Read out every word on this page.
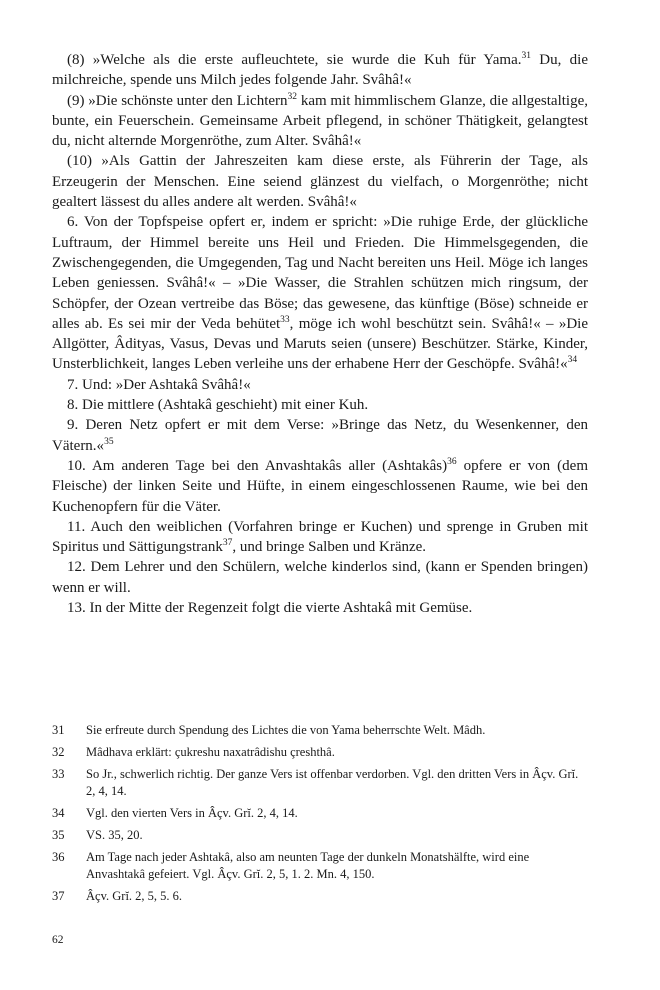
(8) »Welche als die erste aufleuchtete, sie wurde die Kuh für Yama.$^{31}$ Du, die milchreiche, spende uns Milch jedes folgende Jahr. Svâhâ!«

(9) »Die schönste unter den Lichtern$^{32}$ kam mit himmlischem Glanze, die allgestaltige, bunte, ein Feuerschein. Gemeinsame Arbeit pflegend, in schöner Thätigkeit, gelangtest du, nicht alternde Morgenröthe, zum Alter. Svâhâ!«

(10) »Als Gattin der Jahreszeiten kam diese erste, als Führerin der Tage, als Erzeugerin der Menschen. Eine seiend glänzest du vielfach, o Morgenröthe; nicht gealtert lässest du alles andere alt werden. Svâhâ!«

6. Von der Topfspeise opfert er, indem er spricht: »Die ruhige Erde, der glückliche Luftraum, der Himmel bereite uns Heil und Frieden. Die Himmelsgegenden, die Zwischengegenden, die Umgegenden, Tag und Nacht bereiten uns Heil. Möge ich langes Leben geniessen. Svâhâ!« – »Die Wasser, die Strahlen schützen mich ringsum, der Schöpfer, der Ozean vertreibe das Böse; das gewesene, das künftige (Böse) schneide er alles ab. Es sei mir der Veda behütet$^{33}$, möge ich wohl beschützt sein. Svâhâ!« – »Die Allgötter, Âdityas, Vasus, Devas und Maruts seien (unsere) Beschützer. Stärke, Kinder, Unsterblichkeit, langes Leben verleihe uns der erhabene Herr der Geschöpfe. Svâhâ!«$^{34}$

7. Und: »Der Ashtakâ Svâhâ!«

8. Die mittlere (Ashtakâ geschieht) mit einer Kuh.

9. Deren Netz opfert er mit dem Verse: »Bringe das Netz, du Wesenkenner, den Vätern.«$^{35}$

10. Am anderen Tage bei den Anvashtakâs aller (Ashtakâs)$^{36}$ opfere er von (dem Fleische) der linken Seite und Hüfte, in einem eingeschlossenen Raume, wie bei den Kuchenopfern für die Väter.

11. Auch den weiblichen (Vorfahren bringe er Kuchen) und sprenge in Gruben mit Spiritus und Sättigungstrank$^{37}$, und bringe Salben und Kränze.

12. Dem Lehrer und den Schülern, welche kinderlos sind, (kann er Spenden bringen) wenn er will.

13. In der Mitte der Regenzeit folgt die vierte Ashtakâ mit Gemüse.

31	Sie erfreute durch Spendung des Lichtes die von Yama beherrschte Welt. Mâdh.
32	Mâdhava erklärt: çukreshu naxatrâdishu çreshthâ.
33	So Jr., schwerlich richtig. Der ganze Vers ist offenbar verdorben. Vgl. den dritten Vers in Âçv. Grĭ. 2, 4, 14.
34	Vgl. den vierten Vers in Âçv. Grĭ. 2, 4, 14.
35	VS. 35, 20.
36	Am Tage nach jeder Ashtakâ, also am neunten Tage der dunkeln Monatshälfte, wird eine Anvashtakâ gefeiert. Vgl. Âçv. Grĭ. 2, 5, 1. 2. Mn. 4, 150.
37	Âçv. Grĭ. 2, 5, 5. 6.
62
